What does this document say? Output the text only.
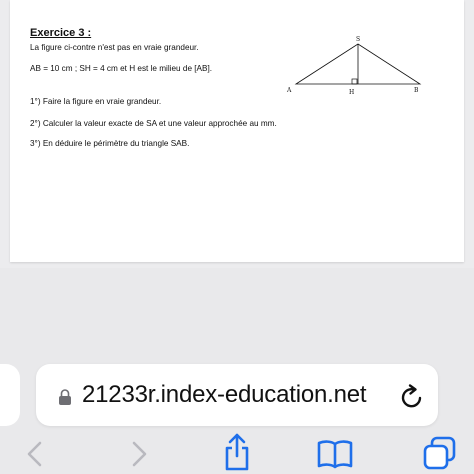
Exercice 3 :
La figure ci-contre n'est pas en vraie grandeur.
AB = 10 cm ; SH = 4 cm et H est le milieu de [AB].
1°) Faire la figure en vraie grandeur.
2°) Calculer la valeur exacte de SA et une valeur approchée au mm.
3°) En déduire le périmètre du triangle SAB.
S
A	H	B
21233r.index-education.net
